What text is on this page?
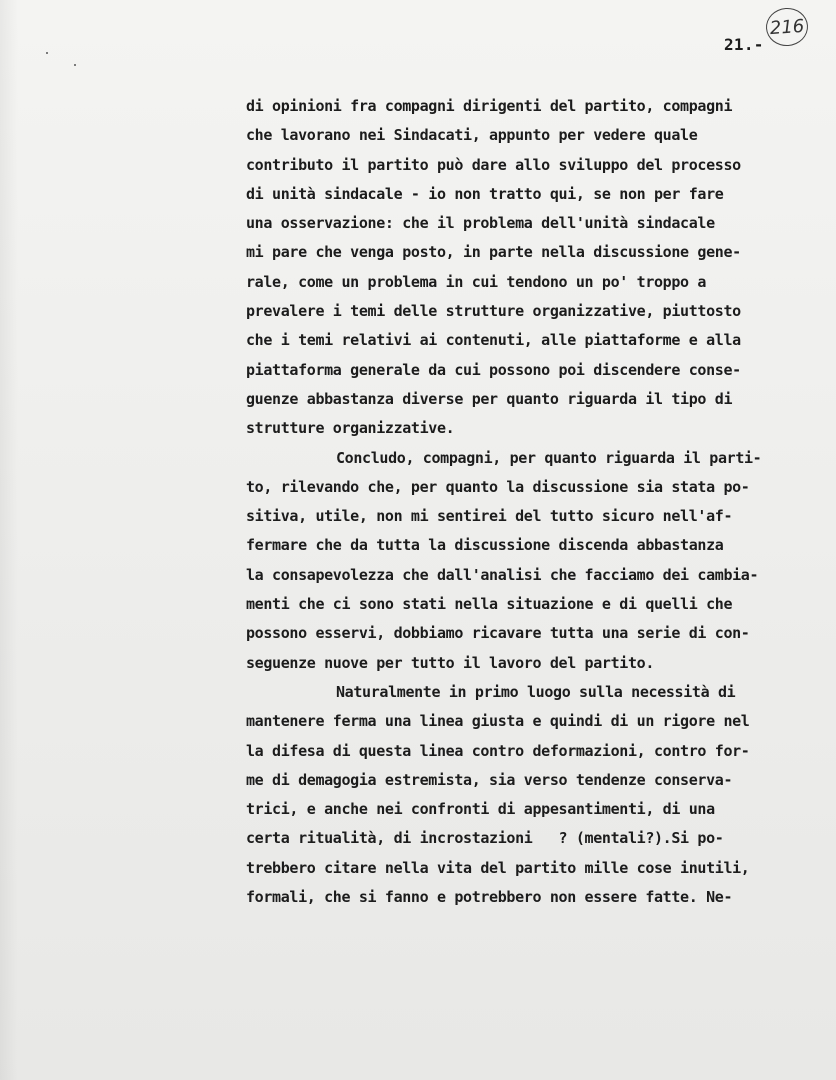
216
21.-
di opinioni fra compagni dirigenti del partito, compagni
che lavorano nei Sindacati, appunto per vedere quale
contributo il partito può dare allo sviluppo del processo
di unità sindacale - io non tratto qui, se non per fare
una osservazione: che il problema dell'unità sindacale
mi pare che venga posto, in parte nella discussione gene-
rale, come un problema in cui tendono un po' troppo a
prevalere i temi delle strutture organizzative, piuttosto
che i temi relativi ai contenuti, alle piattaforme e alla
piattaforma generale da cui possono poi discendere conse-
guenze abbastanza diverse per quanto riguarda il tipo di
strutture organizzative.
Concludo, compagni, per quanto riguarda il parti-
to, rilevando che, per quanto la discussione sia stata po-
sitiva, utile, non mi sentirei del tutto sicuro nell'af-
fermare che da tutta la discussione discenda abbastanza
la consapevolezza che dall'analisi che facciamo dei cambia-
menti che ci sono stati nella situazione e di quelli che
possono esservi, dobbiamo ricavare tutta una serie di con-
seguenze nuove per tutto il lavoro del partito.
Naturalmente in primo luogo sulla necessità di
mantenere ferma una linea giusta e quindi di un rigore nel
la difesa di questa linea contro deformazioni, contro for-
me di demagogia estremista, sia verso tendenze conserva-
trici, e anche nei confronti di appesantimenti, di una
certa ritualità, di incrostazioni   ? (mentali?).Si po-
trebbero citare nella vita del partito mille cose inutili,
formali, che si fanno e potrebbero non essere fatte. Ne-
